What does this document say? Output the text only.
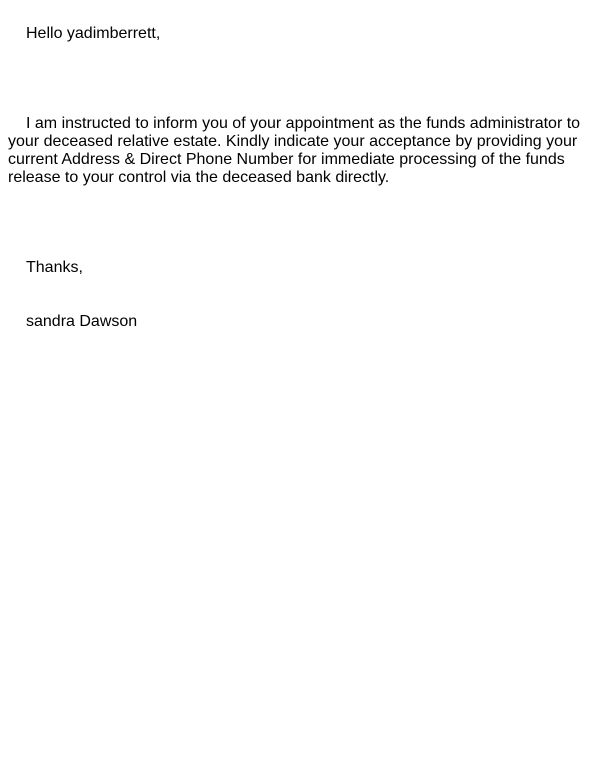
Hello yadimberrett,

I am instructed to inform you of your appointment as the funds administrator to your deceased relative estate. Kindly indicate your acceptance by providing your current Address & Direct Phone Number for immediate processing of the funds release to your control via the deceased bank directly.

Thanks,

sandra Dawson
